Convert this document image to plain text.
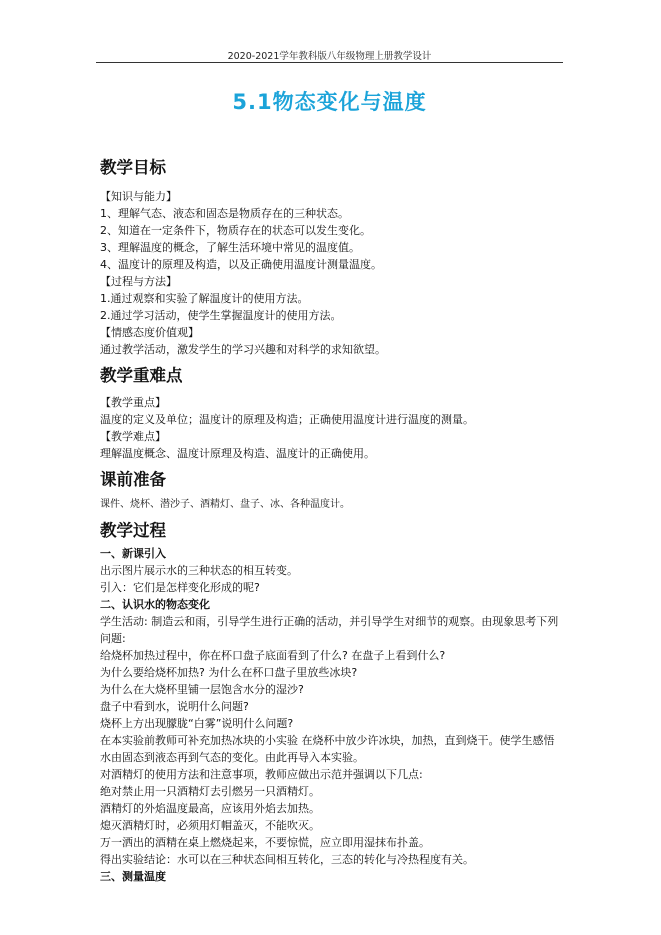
2020-2021学年教科版八年级物理上册教学设计
5.1物态变化与温度
教学目标
【知识与能力】
1、理解气态、液态和固态是物质存在的三种状态。
2、知道在一定条件下，物质存在的状态可以发生变化。
3、理解温度的概念，了解生活环境中常见的温度值。
4、温度计的原理及构造，以及正确使用温度计测量温度。
【过程与方法】
1.通过观察和实验了解温度计的使用方法。
2.通过学习活动，使学生掌握温度计的使用方法。
【情感态度价值观】
通过教学活动，激发学生的学习兴趣和对科学的求知欲望。
教学重难点
【教学重点】
温度的定义及单位；温度计的原理及构造；正确使用温度计进行温度的测量。
【教学难点】
理解温度概念、温度计原理及构造、温度计的正确使用。
课前准备
课件、烧杯、潜沙子、酒精灯、盘子、冰、各种温度计。
教学过程
一、新课引入
出示图片展示水的三种状态的相互转变。
引入：它们是怎样变化形成的呢?
二、认识水的物态变化
学生活动: 制造云和雨，引导学生进行正确的活动，并引导学生对细节的观察。由现象思考下列问题:
给烧杯加热过程中，你在杯口盘子底面看到了什么? 在盘子上看到什么?
为什么要给烧杯加热? 为什么在杯口盘子里放些冰块?
为什么在大烧杯里铺一层饱含水分的湿沙?
盘子中看到水，说明什么问题?
烧杯上方出现朦胧“白雾”说明什么问题?
在本实验前教师可补充加热冰块的小实验 在烧杯中放少许冰块，加热，直到烧干。使学生感悟水由固态到液态再到气态的变化。由此再导入本实验。
对酒精灯的使用方法和注意事项，教师应做出示范并强调以下几点:
绝对禁止用一只酒精灯去引燃另一只酒精灯。
酒精灯的外焰温度最高，应该用外焰去加热。
熄灭酒精灯时，必须用灯帽盖灭，不能吹灭。
万一洒出的酒精在桌上燃烧起来，不要惊慌，应立即用湿抹布扑盖。
得出实验结论：水可以在三种状态间相互转化，三态的转化与冷热程度有关。
三、测量温度
